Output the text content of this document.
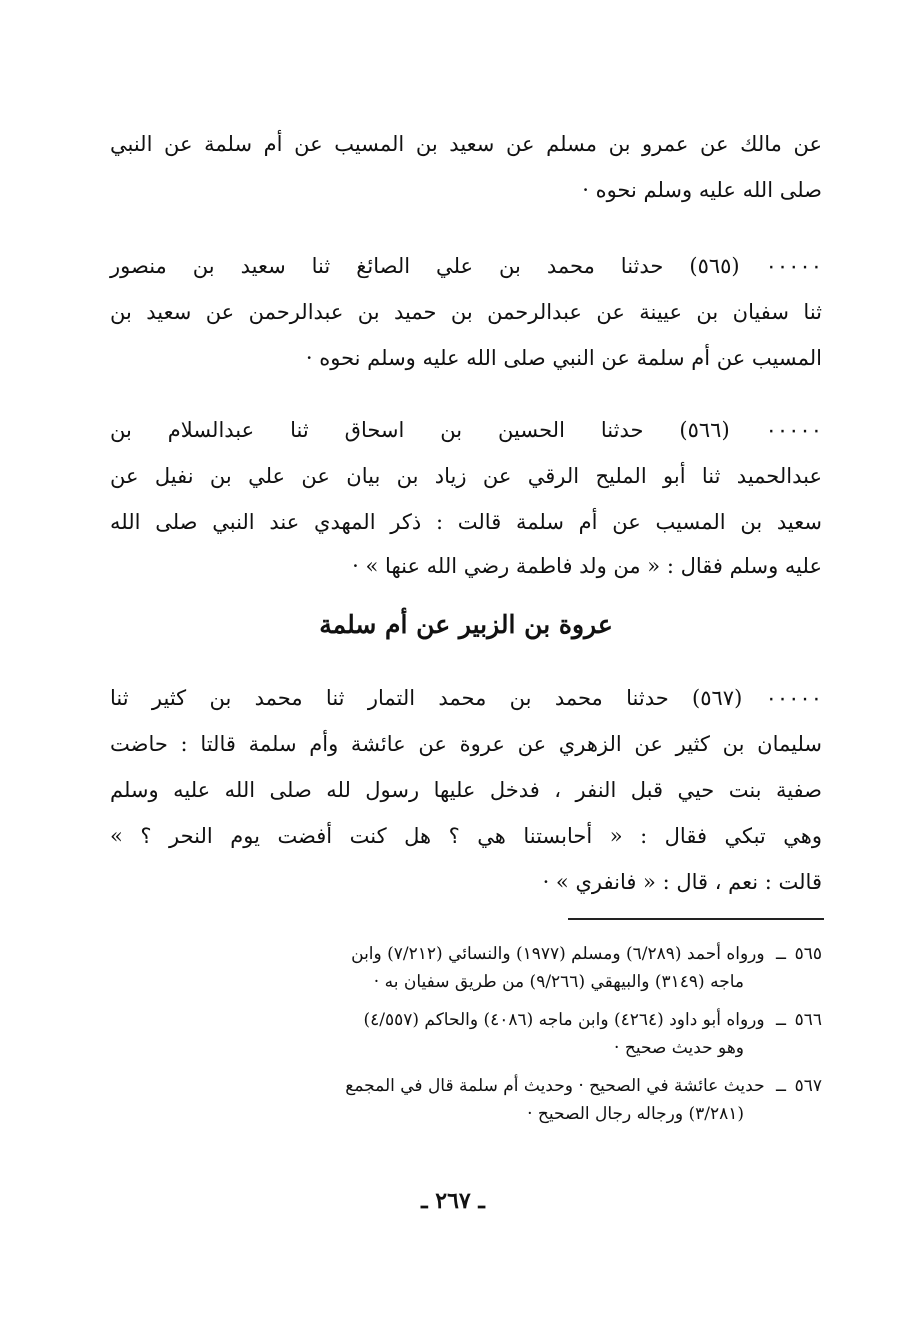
عن مالك عن عمرو بن مسلم عن سعيد بن المسيب عن أم سلمة عن النبي
صلى الله عليه وسلم نحوه ·
٠٠٠٠٠ (٥٦٥) حدثنا محمد بن علي الصائغ ثنا سعيد بن منصور
ثنا سفيان بن عيينة عن عبدالرحمن بن حميد بن عبدالرحمن عن سعيد بن
المسيب عن أم سلمة عن النبي صلى الله عليه وسلم نحوه ·
٠٠٠٠٠ (٥٦٦) حدثنا الحسين بن اسحاق ثنا عبدالسلام بن
عبدالحميد ثنا أبو المليح الرقي عن زياد بن بيان عن علي بن نفيل عن
سعيد بن المسيب عن أم سلمة قالت : ذكر المهدي عند النبي صلى الله
عليه وسلم فقال : « من ولد فاطمة رضي الله عنها » ·
عروة بن الزبير عن أم سلمة
٠٠٠٠٠ (٥٦٧) حدثنا محمد بن محمد التمار ثنا محمد بن كثير ثنا
سليمان بن كثير عن الزهري عن عروة عن عائشة وأم سلمة قالتا : حاضت
صفية بنت حيي قبل النفر ، فدخل عليها رسول لله صلى الله عليه وسلم
وهي تبكي فقال : « أحابستنا هي ؟ هل كنت أفضت يوم النحر ؟ »
قالت : نعم ، قال : « فانفري » ·
٥٦٥ــ ورواه أحمد (٦/٢٨٩) ومسلم (١٩٧٧) والنسائي (٧/٢١٢) وابن
ماجه (٣١٤٩) والبيهقي (٩/٢٦٦) من طريق سفيان به ·
٥٦٦ــ ورواه أبو داود (٤٢٦٤) وابن ماجه (٤٠٨٦) والحاكم (٤/٥٥٧)
وهو حديث صحيح ·
٥٦٧ــ حديث عائشة في الصحيح · وحديث أم سلمة قال في المجمع
(٣/٢٨١) ورجاله رجال الصحيح ·
ـ ٢٦٧ ـ
